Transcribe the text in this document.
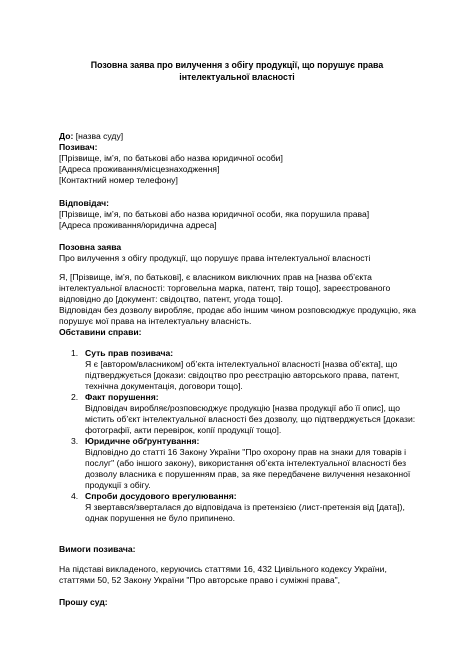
Позовна заява про вилучення з обігу продукції, що порушує права
інтелектуальної власності

До: [назва суду]

Позивач:

[Прізвище, ім’я, по батькові або назва юридичної особи]

[Адреса проживання/місцезнаходження]

[Контактний номер телефону]

Відповідач:

[Прізвище, ім’я, по батькові або назва юридичної особи, яка порушила права]

[Адреса проживання/юридична адреса]

Позовна заява

Про вилучення з обігу продукції, що порушує права інтелектуальної власності

Я, [Прізвище, ім’я, по батькові], є власником виключних прав на [назва об’єкта інтелектуальної власності: торговельна марка, патент, твір тощо], зареєстрованого відповідно до [документ: свідоцтво, патент, угода тощо].

Відповідач без дозволу виробляє, продає або іншим чином розповсюджує продукцію, яка порушує мої права на інтелектуальну власність.

Обставини справи:

1. Суть прав позивача:
Я є [автором/власником] об’єкта інтелектуальної власності [назва об’єкта], що підтверджується [докази: свідоцтво про реєстрацію авторського права, патент, технічна документація, договори тощо].
2. Факт порушення:
Відповідач виробляє/розповсюджує продукцію [назва продукції або її опис], що містить об’єкт інтелектуальної власності без дозволу, що підтверджується [докази: фотографії, акти перевірок, копії продукції тощо].
3. Юридичне обґрунтування:
Відповідно до статті 16 Закону України "Про охорону прав на знаки для товарів і послуг" (або іншого закону), використання об’єкта інтелектуальної власності без дозволу власника є порушенням прав, за яке передбачене вилучення незаконної продукції з обігу.
4. Спроби досудового врегулювання:
Я звертався/зверталася до відповідача із претензією (лист-претензія від [дата]), однак порушення не було припинено.

Вимоги позивача:

На підставі викладеного, керуючись статтями 16, 432 Цивільного кодексу України, статтями 50, 52 Закону України "Про авторське право і суміжні права",

Прошу суд:
